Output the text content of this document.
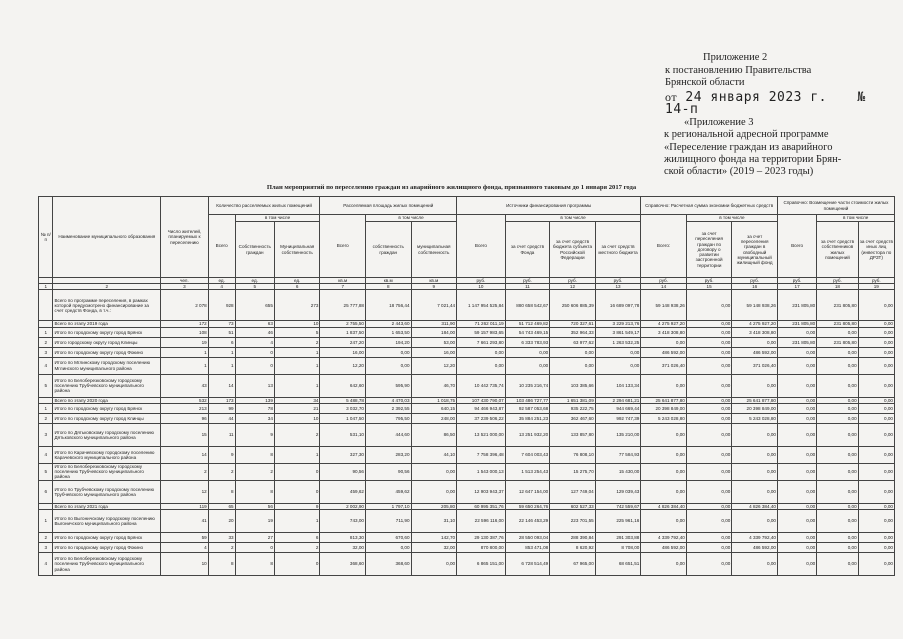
Приложение 2
к постановлению Правительства
Брянской области
от 24 января 2023 г. № 14-п
«Приложение 3
к региональной адресной программе
«Переселение граждан из аварийного
жилищного фонда на территории Брян-
ской области» (2019 – 2023 годы)
План мероприятий по переселению граждан из аварийного жилищного фонда, признанного таковым до 1 января 2017 года
№ п/п	Наименование муниципального образования	Число жителей, планируемых к переселению	Количество расселяемых жилых помещений			Расселяемая площадь жилых помещений			Источники финансирования программы				Справочно: Расчетная сумма экономии бюджетных средств			Справочно: Возмещение части стоимости жилых помещений		
			Всего	в том числе		Всего	в том числе		Всего	в том числе			Всего:	в том числе		Всего	в том числе	
				Собственность граждан	Муниципальная собственность		собственность граждан	муниципальная собственность		за счет средств Фонда	за счет средств бюджета субъекта Российской Федерации	за счет средств местного бюджета		за счет переселения граждан по договору о развитии застроенной территории	за счет переселения граждан в свободный муниципальный жилищный фонд		за счет средств собственников жилых помещений	за счет средств иных лиц (инвестора по ДРЗТ)
		чел.	ед.	ед.	ед.	кв.м	кв.м	кв.м	руб.	руб.	руб.	руб.	руб.	руб.	руб.	руб.	руб.	руб.
1	2	3	4	5	6	7	8	9	10	11	12	13	14	15	16	17	18	19
	Всего по программе переселения, в рамках которой предусмотрено финансирование за счет средств Фонда, в т.ч.:	2 078	928	655	273	25 777,88	18 756,44	7 021,44	1 147 954 525,84	880 658 542,67	250 606 885,39	16 689 097,78	59 148 938,26	0,00	59 148 938,26	231 805,80	231 805,80	0,00
	Всего по этапу 2019 года	172	73	63	10	2 755,50	2 443,60	311,90	71 262 011,19	51 712 469,82	720 327,61	3 229 213,76	4 275 927,20	0,00	4 275 927,20	231 805,80	231 805,80	0,00
1	Итого по городскому округу город Брянск	108	51	46	5	1 837,50	1 653,50	184,00	59 157 983,65	54 743 469,15	352 964,33	3 861 549,17	3 418 308,80	0,00	3 418 308,80	0,00	0,00	0,00
2	Итого городскому округу город Клинцы	19	6	4	2	247,20	194,20	53,00	7 661 293,80	6 333 783,93	63 977,62	1 263 532,25	0,00	0,00	0,00	231 805,80	231 805,80	0,00
3	Итого по городскому округу город Фокино	1	1	0	1	16,00	0,00	16,00	0,00	0,00	0,00	0,00	486 592,00	0,00	486 592,00	0,00	0,00	0,00
4	Итого по Мглинскому городскому поселению Мглинского муниципального района	1	1	0	1	12,20	0,00	12,20	0,00	0,00	0,00	0,00	371 026,40	0,00	371 026,40	0,00	0,00	0,00
5	Итого по Белоберезковскому городскому поселению Трубчевского муниципального района	43	14	13	1	642,60	595,90	46,70	10 442 735,74	10 235 216,74	103 385,66	104 133,34	0,00	0,00	0,00	0,00	0,00	0,00
	Всего по этапу 2020 года	532	173	139	34	5 488,78	4 470,03	1 018,75	107 430 790,07	103 486 727,77	1 651 381,09	2 294 681,21	25 641 877,80	0,00	25 641 877,80	0,00	0,00	0,00
1	Итого по городскому округу город Брянск	213	99	78	21	3 032,70	2 392,55	640,15	94 466 943,87	92 587 053,68	935 222,75	944 669,44	20 398 849,00	0,00	20 398 849,00	0,00	0,00	0,00
2	Итого по городскому округу город Клинцы	96	44	34	10	1 047,50	795,50	248,00	37 239 506,22	35 884 251,23	362 467,60	992 747,39	5 243 028,80	0,00	5 243 028,80	0,00	0,00	0,00
3	Итого по Дятьковскому городскому поселению Дятьковского муниципального района	15	11	9	2	531,10	444,60	86,50	13 521 000,00	13 251 932,20	133 857,80	135 210,00	0,00	0,00	0,00	0,00	0,00	0,00
4	Итого по Карачевскому городскому поселению Карачевского муниципального района	14	9	8	1	327,30	283,20	44,10	7 758 396,48	7 604 003,43	76 808,10	77 584,93	0,00	0,00	0,00	0,00	0,00	0,00
5	Итого по Белоберезковскому городскому поселению Трубчевского муниципального района	2	2	2	0	90,56	90,56	0,00	1 543 000,13	1 513 254,43	15 275,70	15 430,00	0,00	0,00	0,00	0,00	0,00	0,00
6	Итого по Трубчевскому городскому поселению Трубчевского муниципального района	12	8	8	0	459,62	459,62	0,00	12 903 943,37	12 647 154,00	127 749,04	129 039,43	0,00	0,00	0,00	0,00	0,00	0,00
	Всего по этапу 2021 года	119	65	56	9	2 002,90	1 797,10	205,80	60 995 351,76	59 650 264,76	602 527,33	742 559,67	4 826 384,40	0,00	4 826 384,40	0,00	0,00	0,00
1	Итого по Выгоничскому городскому поселению Выгоничского муниципального района	41	20	19	1	743,00	711,90	31,10	22 596 116,00	22 146 453,29	223 701,55	225 961,16	0,00	0,00	0,00	0,00	0,00	0,00
2	Итого по городскому округу город Брянск	59	33	27	6	813,30	670,60	142,70	29 130 387,76	28 550 093,04	288 390,84	291 303,88	4 339 792,40	0,00	4 339 792,40	0,00	0,00	0,00
3	Итого по городскому округу город Фокино	4	2	0	2	32,00	0,00	32,00	870 800,00	853 471,08	8 620,92	8 708,00	486 592,00	0,00	486 592,00	0,00	0,00	0,00
4	Итого по Белоберезковскому городскому поселению Трубчевского муниципального района	10	8	8	0	368,60	368,60	0,00	6 865 151,00	6 728 514,49	67 965,00	68 651,51	0,00	0,00	0,00	0,00	0,00	0,00
